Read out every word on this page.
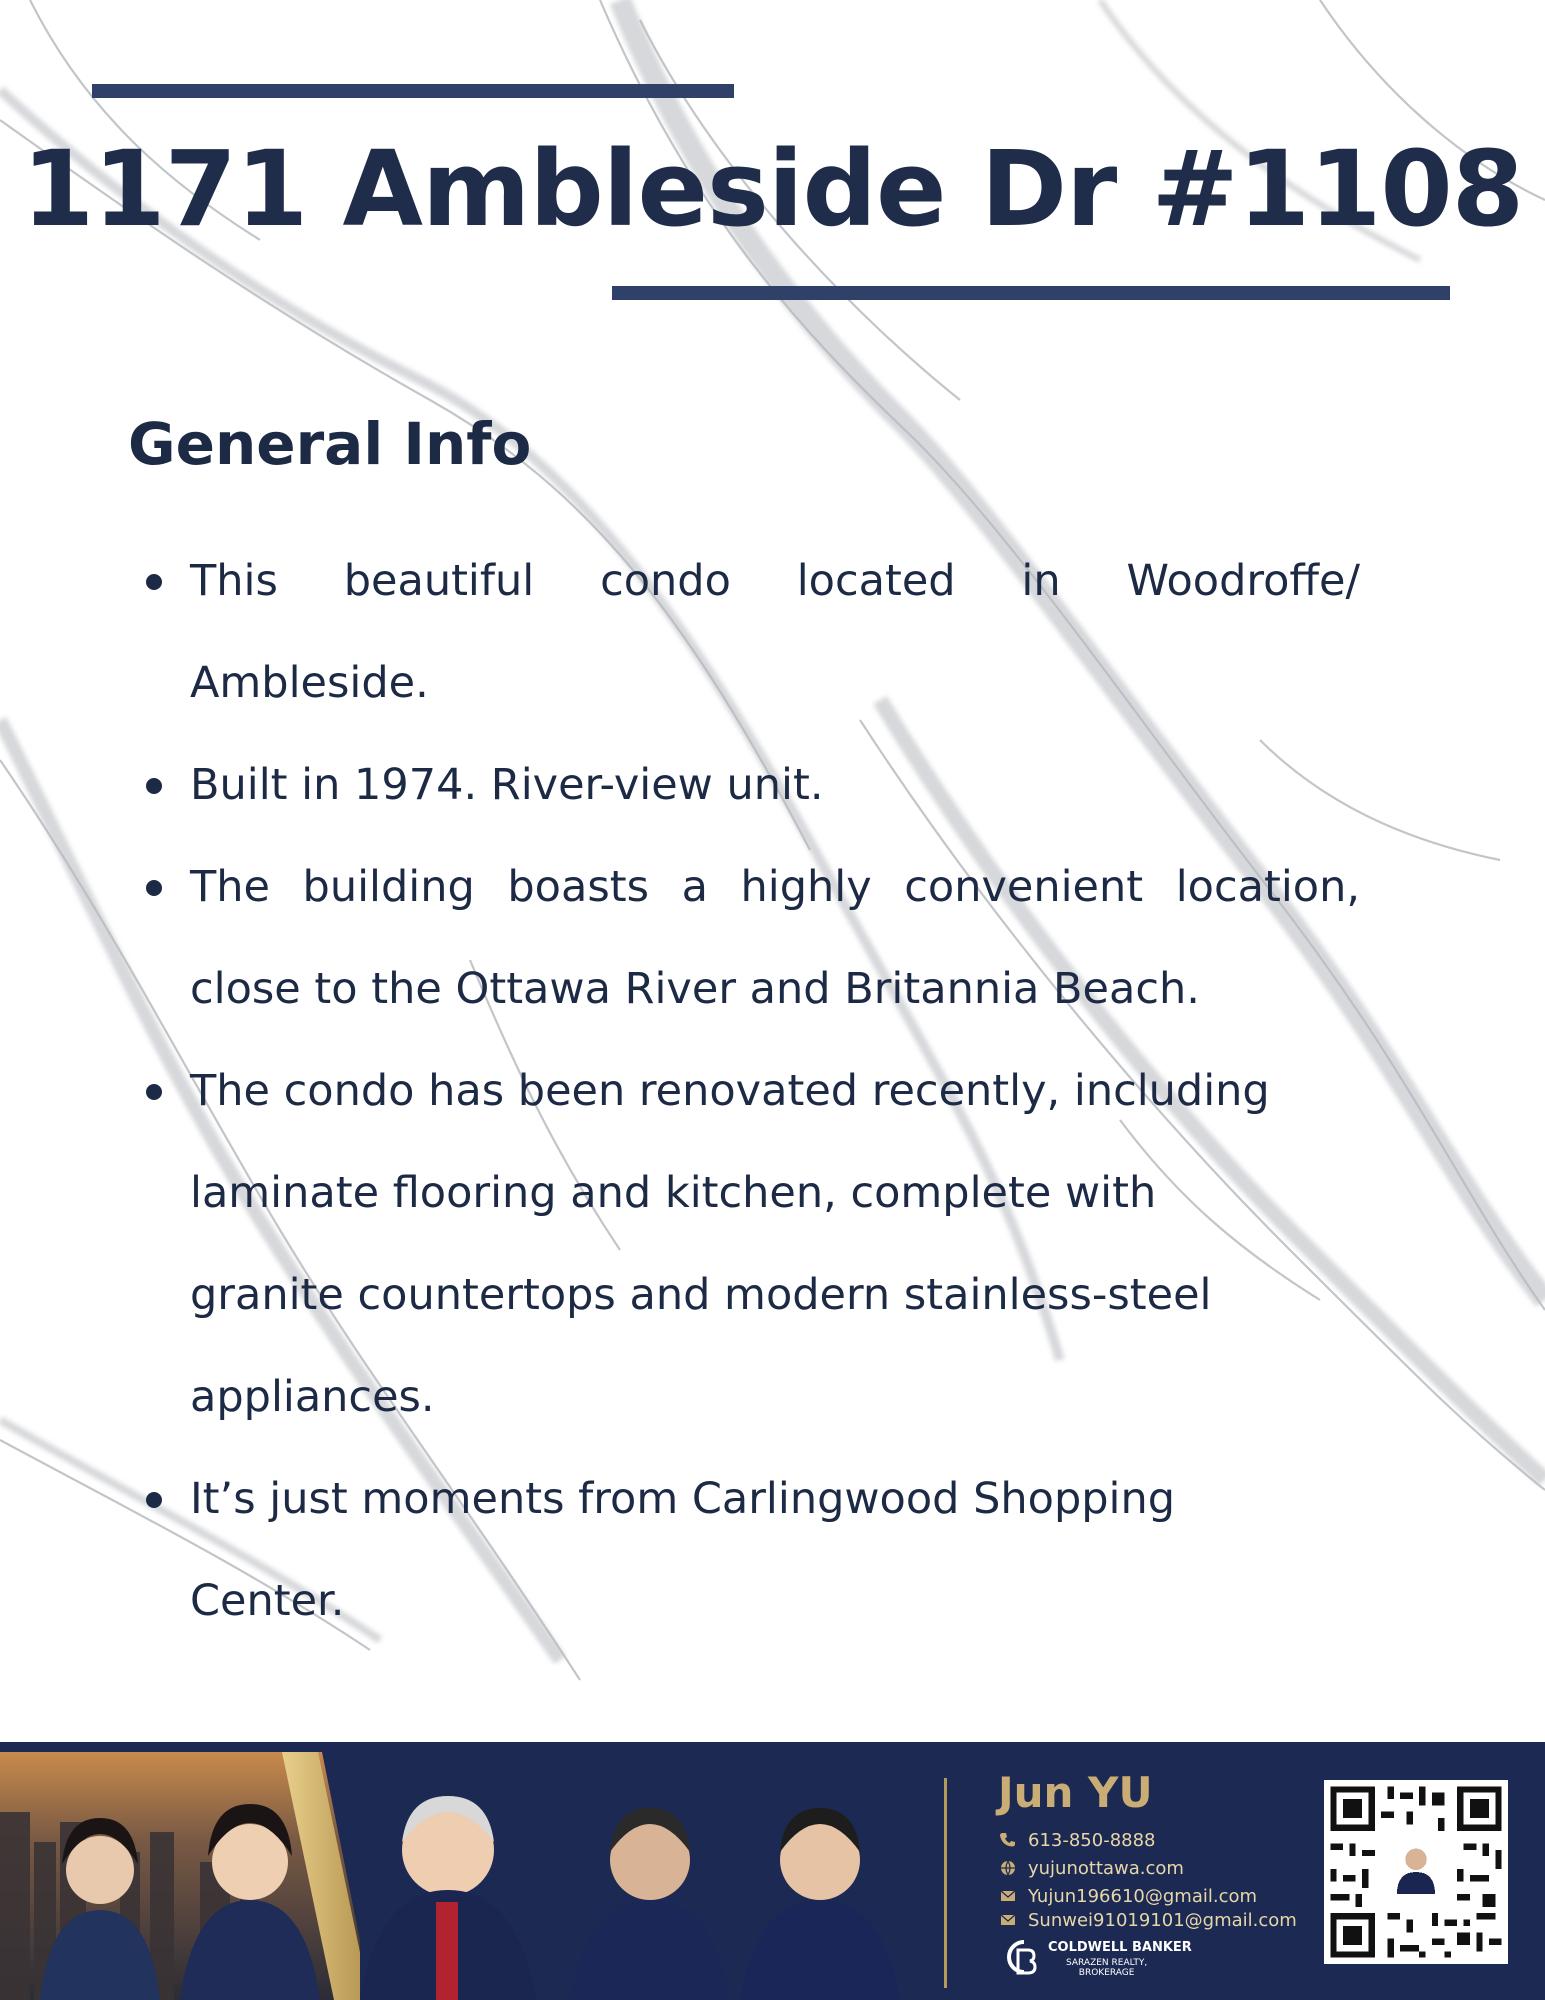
1171 Ambleside Dr #1108
General Info
This beautiful condo located in Woodroffe/
Ambleside.
Built in 1974. River-view unit.
The building boasts a highly convenient location,
close to the Ottawa River and Britannia Beach.
The condo has been renovated recently, including
laminate flooring and kitchen, complete with
granite countertops and modern stainless-steel
appliances.
It’s just moments from Carlingwood Shopping
Center.
Jun YU
613-850-8888
yujunottawa.com
Yujun196610@gmail.com
Sunwei91019101@gmail.com
COLDWELL BANKER
SARAZEN REALTY,
BROKERAGE
